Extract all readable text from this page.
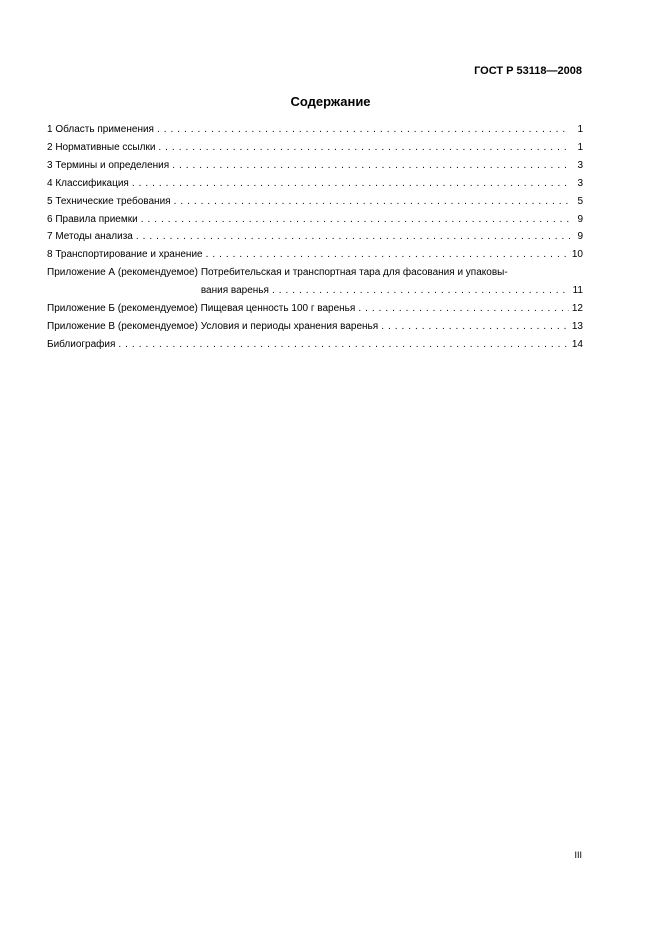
ГОСТ Р 53118—2008
Содержание
1 Область применения . . .	1
2 Нормативные ссылки . . .	1
3 Термины и определения . . .	3
4 Классификация . . .	3
5 Технические требования . . .	5
6 Правила приемки . . .	9
7 Методы анализа . . .	9
8 Транспортирование и хранение . . .	10
Приложение А (рекомендуемое) Потребительская и транспортная тара для фасования и упаковы-
вания варенья . . .	11
Приложение Б (рекомендуемое) Пищевая ценность 100 г варенья . . .	12
Приложение В (рекомендуемое) Условия и периоды хранения варенья . . .	13
Библиография . . .	14
III
